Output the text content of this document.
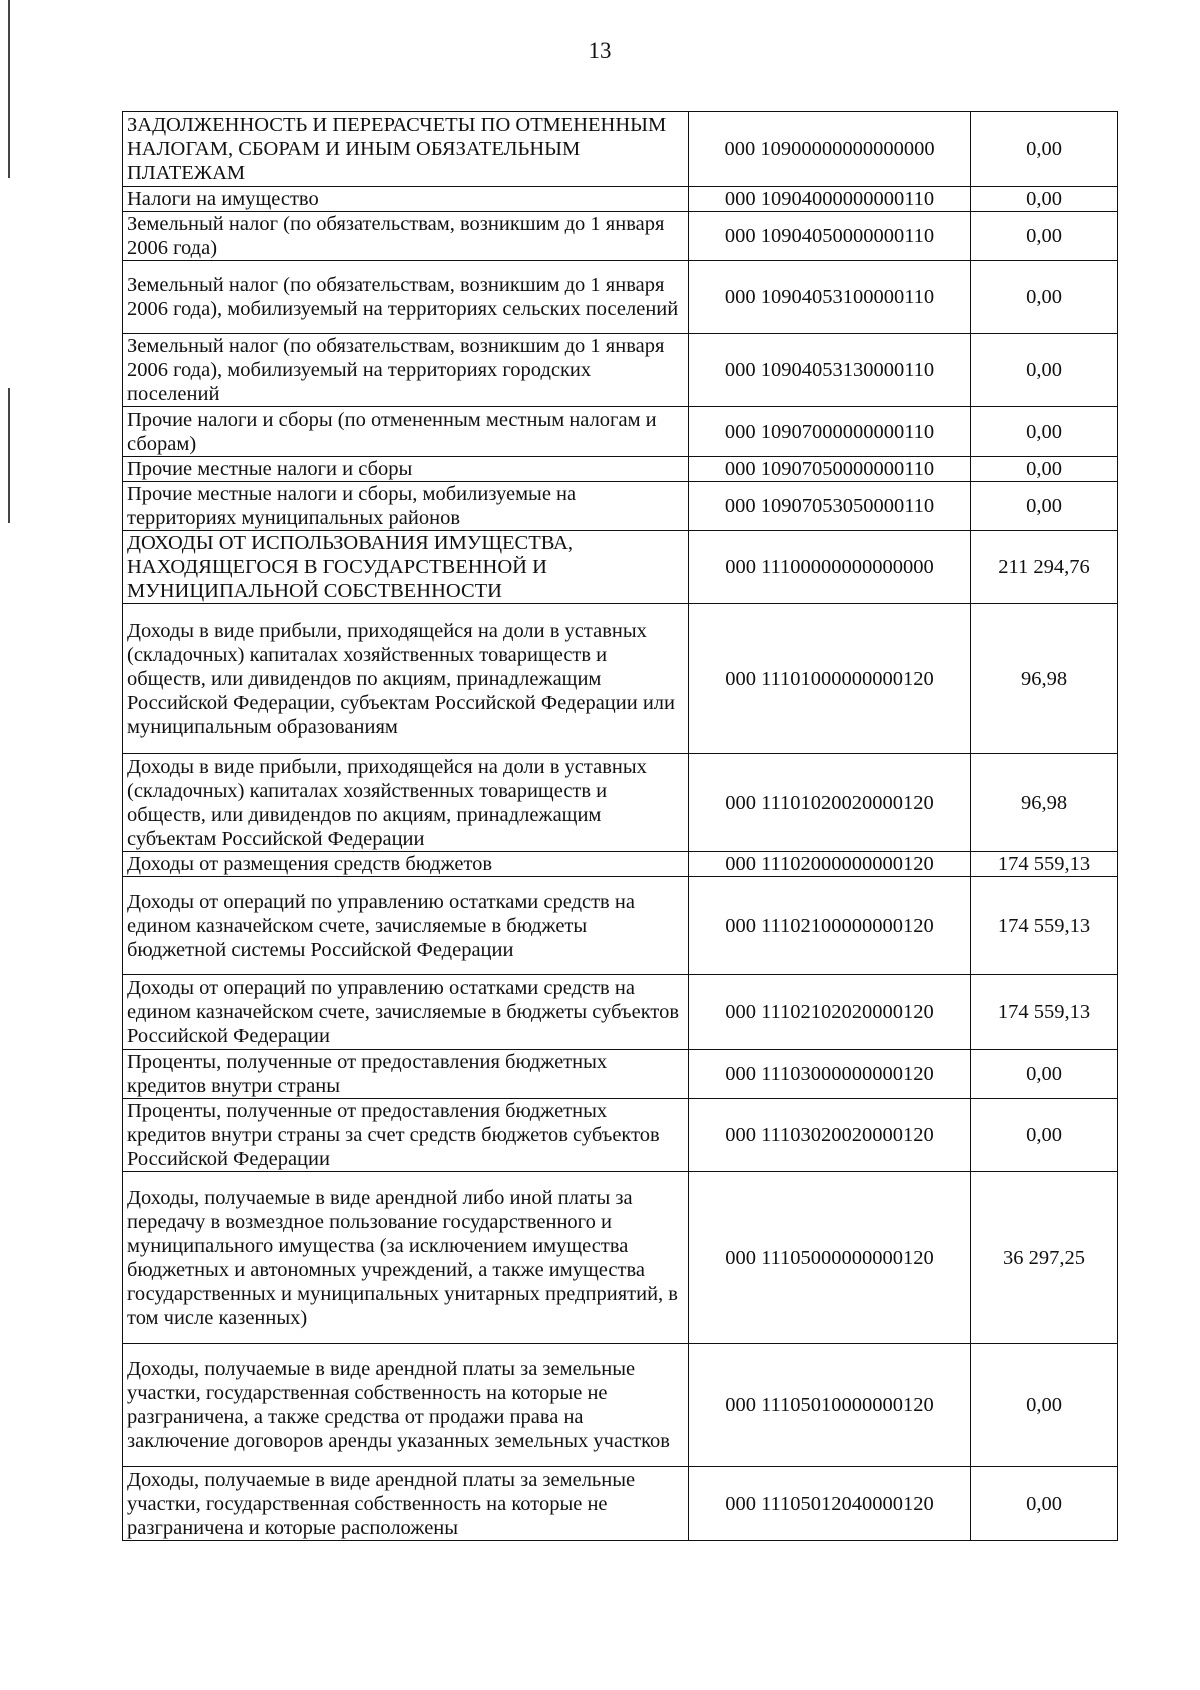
13
ЗАДОЛЖЕННОСТЬ И ПЕРЕРАСЧЕТЫ ПО ОТМЕНЕННЫМ НАЛОГАМ, СБОРАМ И ИНЫМ ОБЯЗАТЕЛЬНЫМ ПЛАТЕЖАМ	000 10900000000000000	0,00
Налоги на имущество	000 10904000000000110	0,00
Земельный налог (по обязательствам, возникшим до 1 января 2006 года)	000 10904050000000110	0,00
Земельный налог (по обязательствам, возникшим до 1 января 2006 года), мобилизуемый на территориях сельских поселений	000 10904053100000110	0,00
Земельный налог (по обязательствам, возникшим до 1 января 2006 года), мобилизуемый на территориях городских поселений	000 10904053130000110	0,00
Прочие налоги и сборы (по отмененным местным налогам и сборам)	000 10907000000000110	0,00
Прочие местные налоги и сборы	000 10907050000000110	0,00
Прочие местные налоги и сборы, мобилизуемые на территориях муниципальных районов	000 10907053050000110	0,00
ДОХОДЫ ОТ ИСПОЛЬЗОВАНИЯ ИМУЩЕСТВА, НАХОДЯЩЕГОСЯ В ГОСУДАРСТВЕННОЙ И МУНИЦИПАЛЬНОЙ СОБСТВЕННОСТИ	000 11100000000000000	211 294,76
Доходы в виде прибыли, приходящейся на доли в уставных (складочных) капиталах хозяйственных товариществ и обществ, или дивидендов по акциям, принадлежащим Российской Федерации, субъектам Российской Федерации или муниципальным образованиям	000 11101000000000120	96,98
Доходы в виде прибыли, приходящейся на доли в уставных (складочных) капиталах хозяйственных товариществ и обществ, или дивидендов по акциям, принадлежащим субъектам Российской Федерации	000 11101020020000120	96,98
Доходы от размещения средств бюджетов	000 11102000000000120	174 559,13
Доходы от операций по управлению остатками средств на едином казначейском счете, зачисляемые в бюджеты бюджетной системы Российской Федерации	000 11102100000000120	174 559,13
Доходы от операций по управлению остатками средств на едином казначейском счете, зачисляемые в бюджеты субъектов Российской Федерации	000 11102102020000120	174 559,13
Проценты, полученные от предоставления бюджетных кредитов внутри страны	000 11103000000000120	0,00
Проценты, полученные от предоставления бюджетных кредитов внутри страны за счет средств бюджетов субъектов Российской Федерации	000 11103020020000120	0,00
Доходы, получаемые в виде арендной либо иной платы за передачу в возмездное пользование государственного и муниципального имущества (за исключением имущества бюджетных и автономных учреждений, а также имущества государственных и муниципальных унитарных предприятий, в том числе казенных)	000 11105000000000120	36 297,25
Доходы, получаемые в виде арендной платы за земельные участки, государственная собственность на которые не разграничена, а также средства от продажи права на заключение договоров аренды указанных земельных участков	000 11105010000000120	0,00
Доходы, получаемые в виде арендной платы за земельные участки, государственная собственность на которые не разграничена и которые расположены	000 11105012040000120	0,00
